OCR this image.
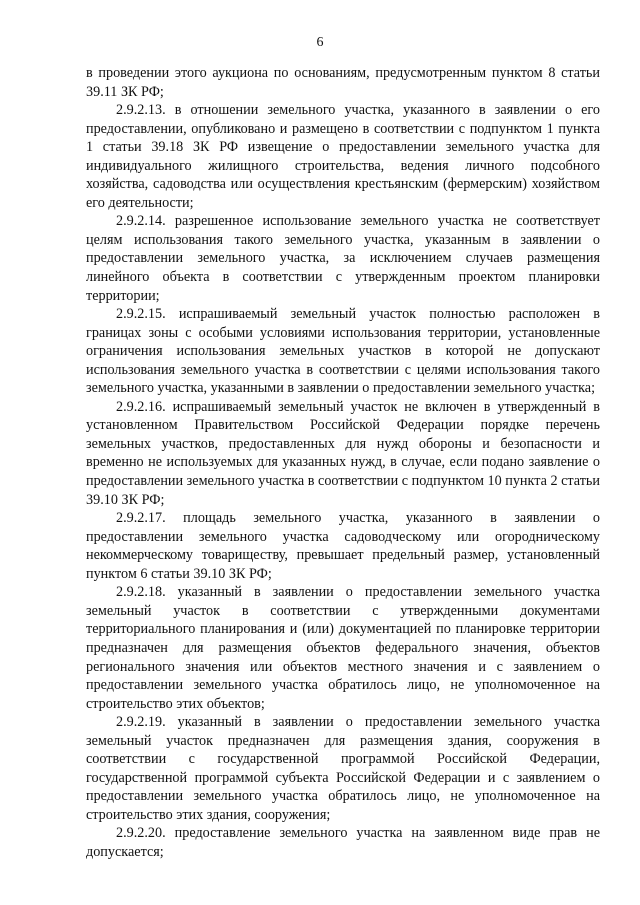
6

в проведении этого аукциона по основаниям, предусмотренным пунктом 8 статьи 39.11 ЗК РФ;

2.9.2.13. в отношении земельного участка, указанного в заявлении о его предоставлении, опубликовано и размещено в соответствии с подпунктом 1 пункта 1 статьи 39.18 ЗК РФ извещение о предоставлении земельного участка для индивидуального жилищного строительства, ведения личного подсобного хозяйства, садоводства или осуществления крестьянским (фермерским) хозяйством его деятельности;

2.9.2.14. разрешенное использование земельного участка не соответствует целям использования такого земельного участка, указанным в заявлении о предоставлении земельного участка, за исключением случаев размещения линейного объекта в соответствии с утвержденным проектом планировки территории;

2.9.2.15. испрашиваемый земельный участок полностью расположен в границах зоны с особыми условиями использования территории, установленные ограничения использования земельных участков в которой не допускают использования земельного участка в соответствии с целями использования такого земельного участка, указанными в заявлении о предоставлении земельного участка;

2.9.2.16. испрашиваемый земельный участок не включен в утвержденный в установленном Правительством Российской Федерации порядке перечень земельных участков, предоставленных для нужд обороны и безопасности и временно не используемых для указанных нужд, в случае, если подано заявление о предоставлении земельного участка в соответствии с подпунктом 10 пункта 2 статьи 39.10 ЗК РФ;

2.9.2.17. площадь земельного участка, указанного в заявлении о предоставлении земельного участка садоводческому или огородническому некоммерческому товариществу, превышает предельный размер, установленный пунктом 6 статьи 39.10 ЗК РФ;

2.9.2.18. указанный в заявлении о предоставлении земельного участка земельный участок в соответствии с утвержденными документами территориального планирования и (или) документацией по планировке территории предназначен для размещения объектов федерального значения, объектов регионального значения или объектов местного значения и с заявлением о предоставлении земельного участка обратилось лицо, не уполномоченное на строительство этих объектов;

2.9.2.19. указанный в заявлении о предоставлении земельного участка земельный участок предназначен для размещения здания, сооружения в соответствии с государственной программой Российской Федерации, государственной программой субъекта Российской Федерации и с заявлением о предоставлении земельного участка обратилось лицо, не уполномоченное на строительство этих здания, сооружения;

2.9.2.20. предоставление земельного участка на заявленном виде прав не допускается;
